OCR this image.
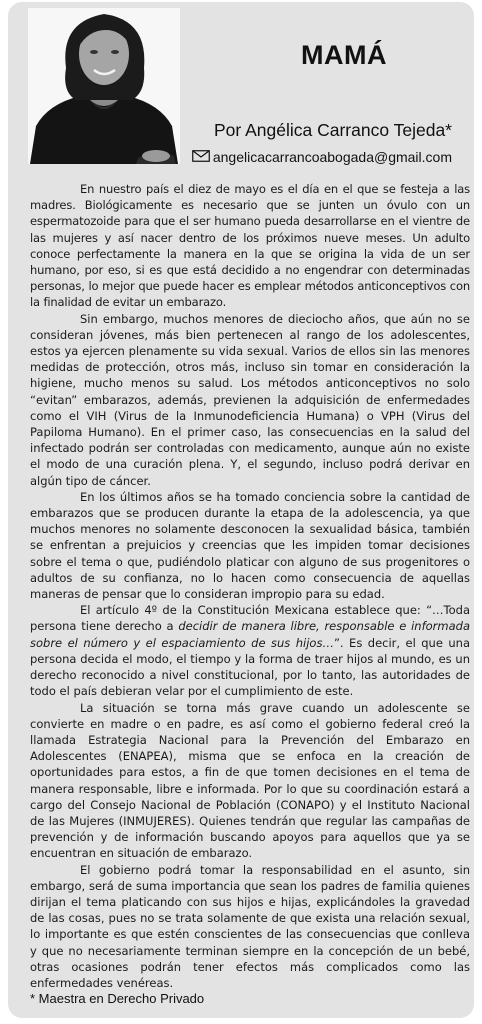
MAMÁ
Por Angélica Carranco Tejeda*
angelicacarrancoabogada@gmail.com

En nuestro país el diez de mayo es el día en el que se festeja a las madres. Biológicamente es necesario que se junten un óvulo con un espermatozoide para que el ser humano pueda desarrollarse en el vientre de las mujeres y así nacer dentro de los próximos nueve meses. Un adulto conoce perfectamente la manera en la que se origina la vida de un ser humano, por eso, si es que está decidido a no engendrar con determinadas personas, lo mejor que puede hacer es emplear métodos anticonceptivos con la finalidad de evitar un embarazo.

Sin embargo, muchos menores de dieciocho años, que aún no se consideran jóvenes, más bien pertenecen al rango de los adolescentes, estos ya ejercen plenamente su vida sexual. Varios de ellos sin las menores medidas de protección, otros más, incluso sin tomar en consideración la higiene, mucho menos su salud. Los métodos anticonceptivos no solo “evitan” embarazos, además, previenen la adquisición de enfermedades como el VIH (Virus de la Inmunodeficiencia Humana) o VPH (Virus del Papiloma Humano). En el primer caso, las consecuencias en la salud del infectado podrán ser controladas con medicamento, aunque aún no existe el modo de una curación plena. Y, el segundo, incluso podrá derivar en algún tipo de cáncer.

En los últimos años se ha tomado conciencia sobre la cantidad de embarazos que se producen durante la etapa de la adolescencia, ya que muchos menores no solamente desconocen la sexualidad básica, también se enfrentan a prejuicios y creencias que les impiden tomar decisiones sobre el tema o que, pudiéndolo platicar con alguno de sus progenitores o adultos de su confianza, no lo hacen como consecuencia de aquellas maneras de pensar que lo consideran impropio para su edad.

El artículo 4º de la Constitución Mexicana establece que: “…Toda persona tiene derecho a decidir de manera libre, responsable e informada sobre el número y el espaciamiento de sus hijos…”. Es decir, el que una persona decida el modo, el tiempo y la forma de traer hijos al mundo, es un derecho reconocido a nivel constitucional, por lo tanto, las autoridades de todo el país debieran velar por el cumplimiento de este.

La situación se torna más grave cuando un adolescente se convierte en madre o en padre, es así como el gobierno federal creó la llamada Estrategia Nacional para la Prevención del Embarazo en Adolescentes (ENAPEA), misma que se enfoca en la creación de oportunidades para estos, a fin de que tomen decisiones en el tema de manera responsable, libre e informada. Por lo que su coordinación estará a cargo del Consejo Nacional de Población (CONAPO) y el Instituto Nacional de las Mujeres (INMUJERES). Quienes tendrán que regular las campañas de prevención y de información buscando apoyos para aquellos que ya se encuentran en situación de embarazo.

El gobierno podrá tomar la responsabilidad en el asunto, sin embargo, será de suma importancia que sean los padres de familia quienes dirijan el tema platicando con sus hijos e hijas, explicándoles la gravedad de las cosas, pues no se trata solamente de que exista una relación sexual, lo importante es que estén conscientes de las consecuencias que conlleva y que no necesariamente terminan siempre en la concepción de un bebé, otras ocasiones podrán tener efectos más complicados como las enfermedades venéreas.

* Maestra en Derecho Privado
